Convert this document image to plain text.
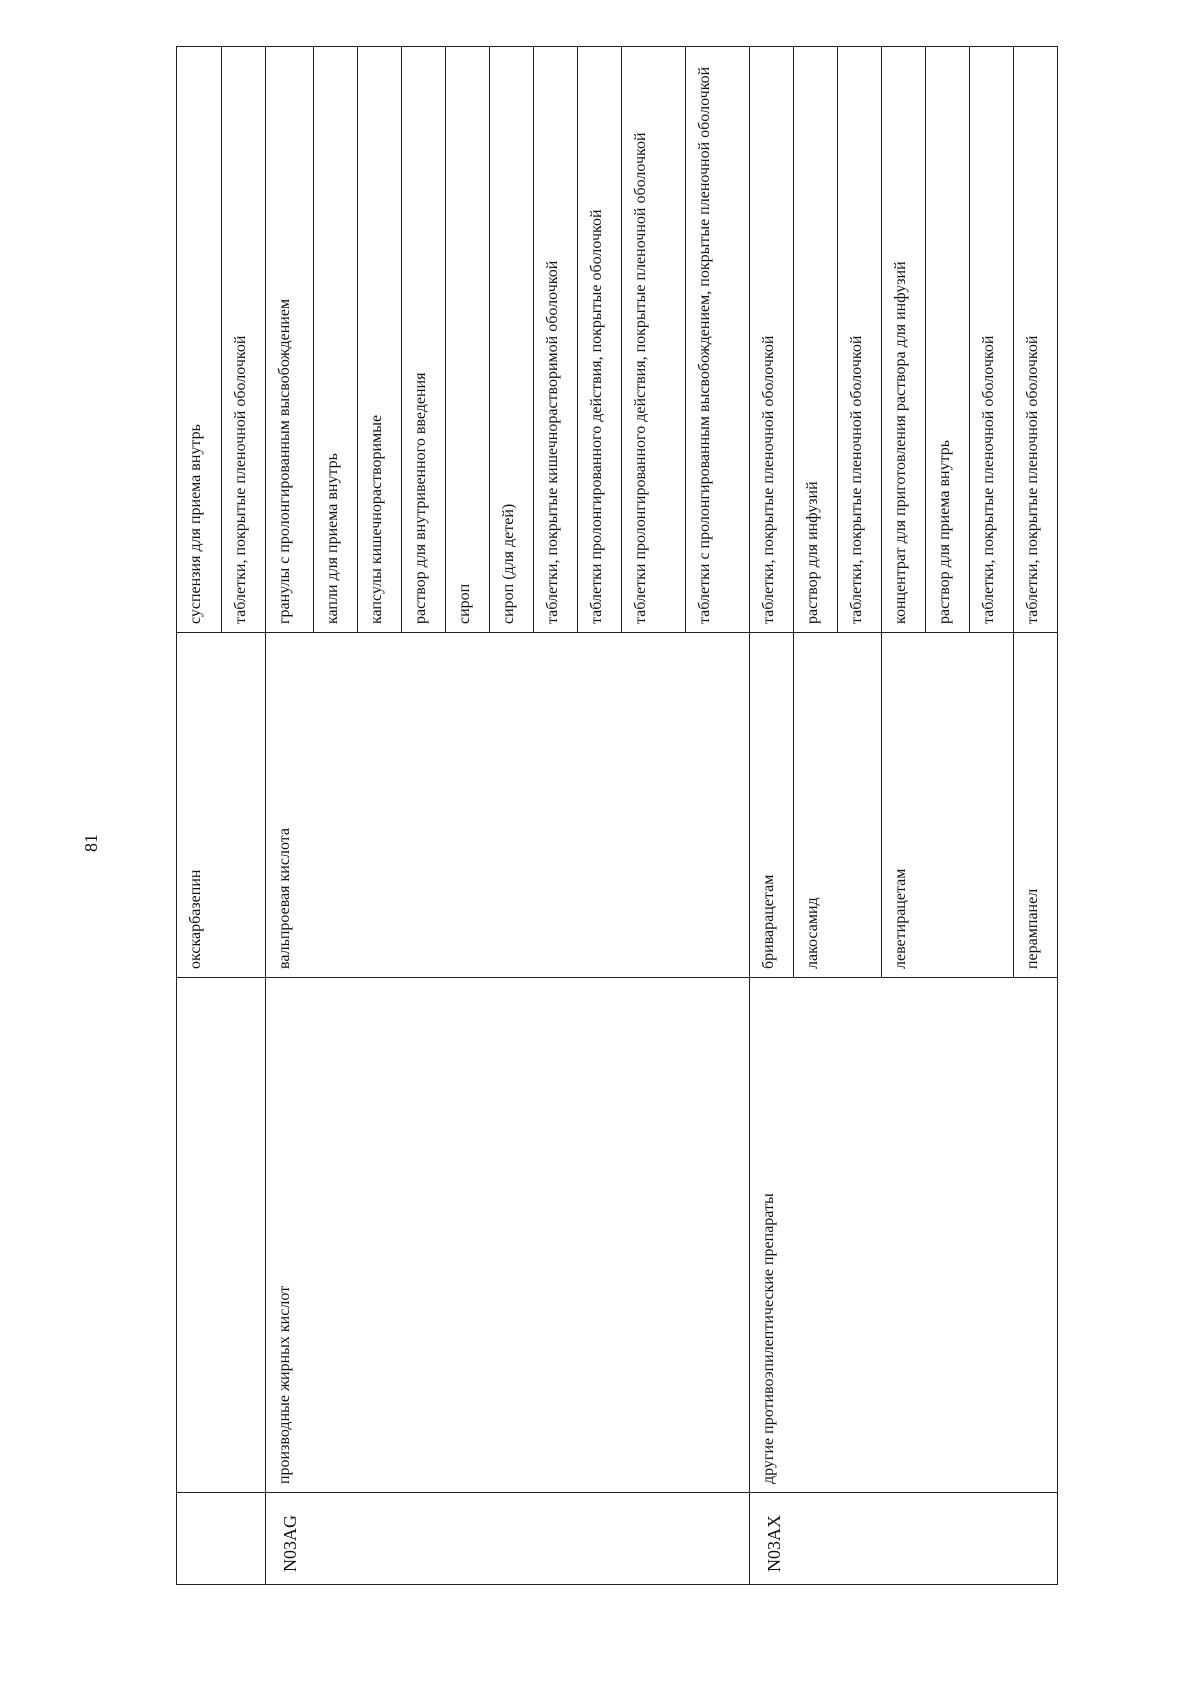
81
		окскарбазепин	суспензия для приема внутрь
			таблетки, покрытые пленочной оболочкой
N03AG	производные жирных кислот	вальпроевая кислота	гранулы с пролонгированным высвобождением
			капли для приема внутрь
			капсулы кишечнорастворимые
			раствор для внутривенного введения
			сироп
			сироп (для детей)
			таблетки, покрытые кишечнорастворимой оболочкой
			таблетки пролонгированного действия, покрытые оболочкой
			таблетки пролонгированного действия, покрытые пленочной оболочкой
			таблетки с пролонгированным высвобождением, покрытые пленочной оболочкой
N03AX	другие противоэпилептические препараты	бриварацетам	таблетки, покрытые пленочной оболочкой
		лакосамид	раствор для инфузий
			таблетки, покрытые пленочной оболочкой
		леветирацетам	концентрат для приготовления раствора для инфузий
			раствор для приема внутрь
			таблетки, покрытые пленочной оболочкой
		перампанел	таблетки, покрытые пленочной оболочкой
